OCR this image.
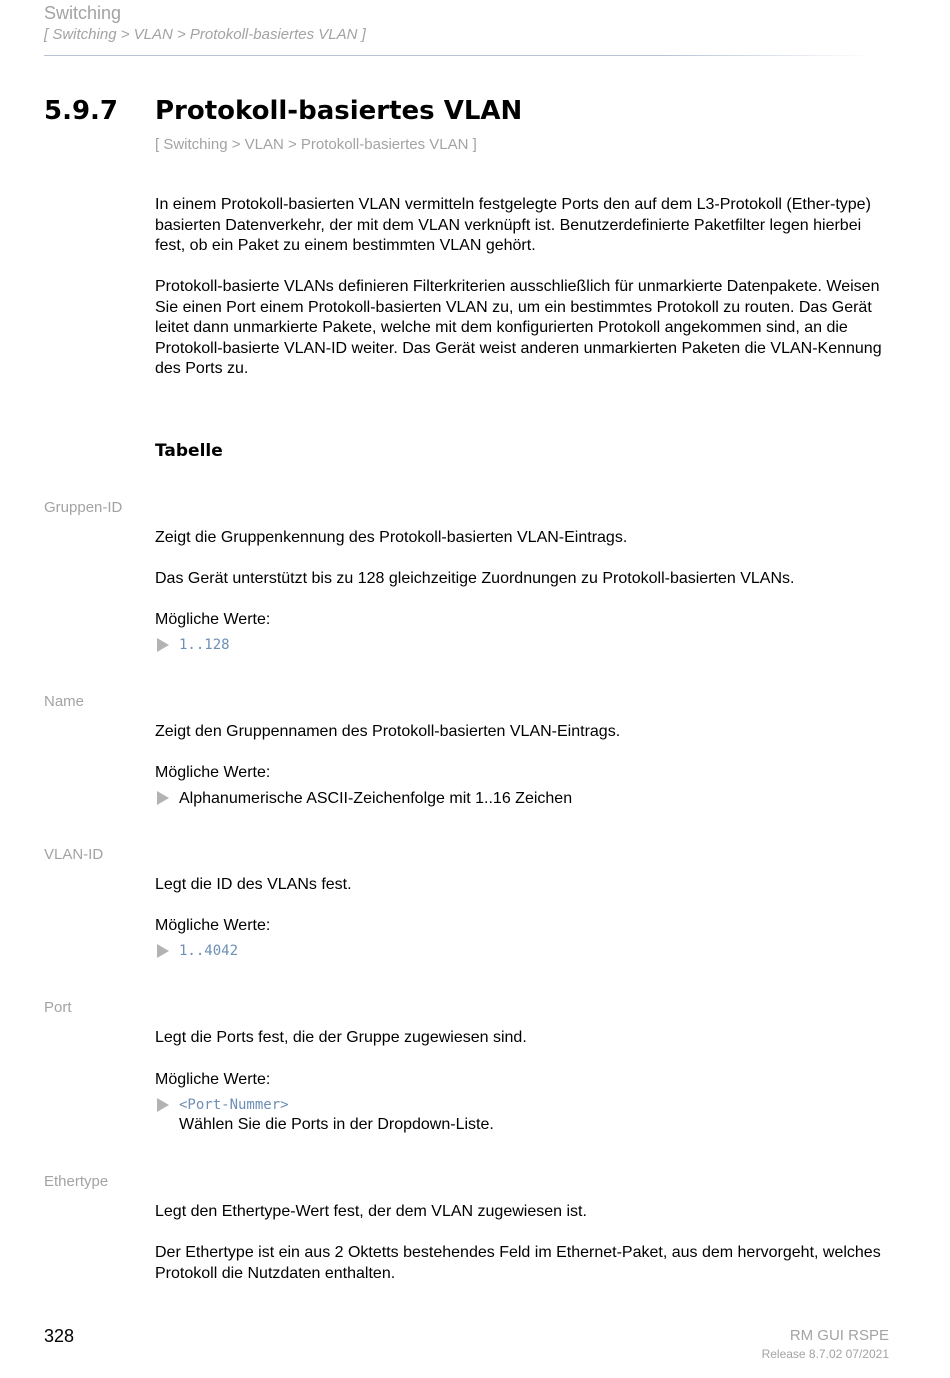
Switching
[ Switching > VLAN > Protokoll-basiertes VLAN ]
5.9.7 Protokoll-basiertes VLAN
[ Switching > VLAN > Protokoll-basiertes VLAN ]
In einem Protokoll-basierten VLAN vermitteln festgelegte Ports den auf dem L3-Protokoll (Ether-type) basierten Datenverkehr, der mit dem VLAN verknüpft ist. Benutzerdefinierte Paketfilter legen hierbei fest, ob ein Paket zu einem bestimmten VLAN gehört.
Protokoll-basierte VLANs definieren Filterkriterien ausschließlich für unmarkierte Datenpakete. Weisen Sie einen Port einem Protokoll-basierten VLAN zu, um ein bestimmtes Protokoll zu routen. Das Gerät leitet dann unmarkierte Pakete, welche mit dem konfigurierten Protokoll angekommen sind, an die Protokoll-basierte VLAN-ID weiter. Das Gerät weist anderen unmarkierten Paketen die VLAN-Kennung des Ports zu.
Tabelle
Gruppen-ID
Zeigt die Gruppenkennung des Protokoll-basierten VLAN-Eintrags.
Das Gerät unterstützt bis zu 128 gleichzeitige Zuordnungen zu Protokoll-basierten VLANs.
Mögliche Werte:
1..128
Name
Zeigt den Gruppennamen des Protokoll-basierten VLAN-Eintrags.
Mögliche Werte:
Alphanumerische ASCII-Zeichenfolge mit 1..16 Zeichen
VLAN-ID
Legt die ID des VLANs fest.
Mögliche Werte:
1..4042
Port
Legt die Ports fest, die der Gruppe zugewiesen sind.
Mögliche Werte:
<Port-Nummer>
Wählen Sie die Ports in der Dropdown-Liste.
Ethertype
Legt den Ethertype-Wert fest, der dem VLAN zugewiesen ist.
Der Ethertype ist ein aus 2 Oktetts bestehendes Feld im Ethernet-Paket, aus dem hervorgeht, welches Protokoll die Nutzdaten enthalten.
328	RM GUI RSPE
Release 8.7.02 07/2021
